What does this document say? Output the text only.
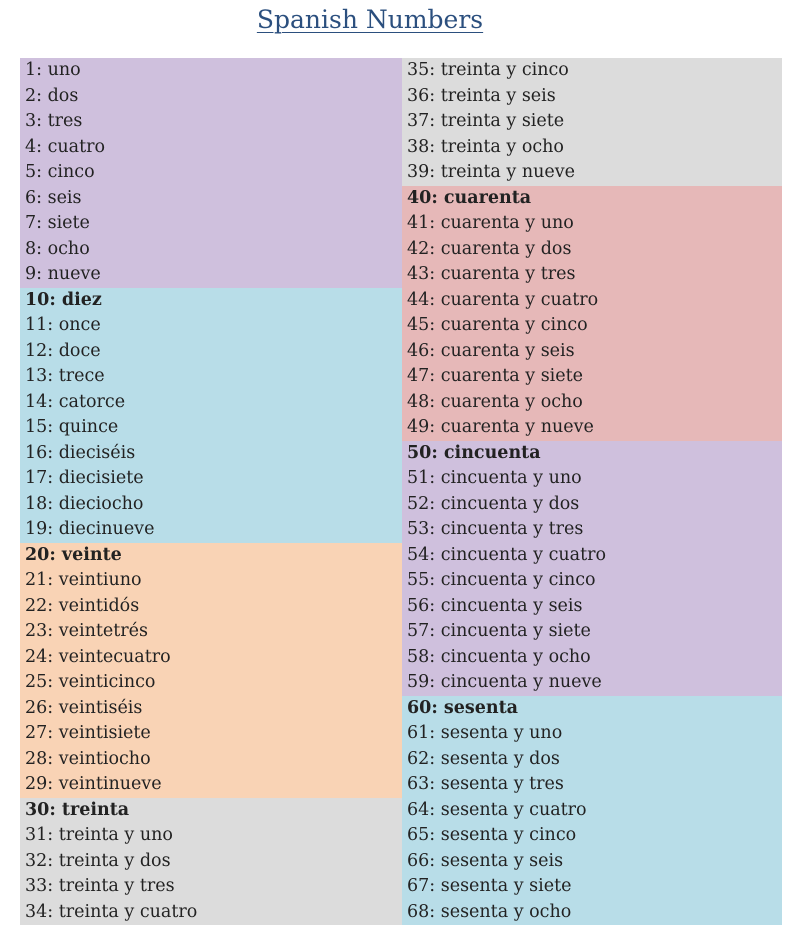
Spanish Numbers
1: uno
2: dos
3: tres
4: cuatro
5: cinco
6: seis
7: siete
8: ocho
9: nueve
10: diez
11: once
12: doce
13: trece
14: catorce
15: quince
16: dieciséis
17: diecisiete
18: dieciocho
19: diecinueve
20: veinte
21: veintiuno
22: veintidós
23: veintetrés
24: veintecuatro
25: veinticinco
26: veintiséis
27: veintisiete
28: veintiocho
29: veintinueve
30: treinta
31: treinta y uno
32: treinta y dos
33: treinta y tres
34: treinta y cuatro
35: treinta y cinco
36: treinta y seis
37: treinta y siete
38: treinta y ocho
39: treinta y nueve
40: cuarenta
41: cuarenta y uno
42: cuarenta y dos
43: cuarenta y tres
44: cuarenta y cuatro
45: cuarenta y cinco
46: cuarenta y seis
47: cuarenta y siete
48: cuarenta y ocho
49: cuarenta y nueve
50: cincuenta
51: cincuenta y uno
52: cincuenta y dos
53: cincuenta y tres
54: cincuenta y cuatro
55: cincuenta y cinco
56: cincuenta y seis
57: cincuenta y siete
58: cincuenta y ocho
59: cincuenta y nueve
60: sesenta
61: sesenta y uno
62: sesenta y dos
63: sesenta y tres
64: sesenta y cuatro
65: sesenta y cinco
66: sesenta y seis
67: sesenta y siete
68: sesenta y ocho
